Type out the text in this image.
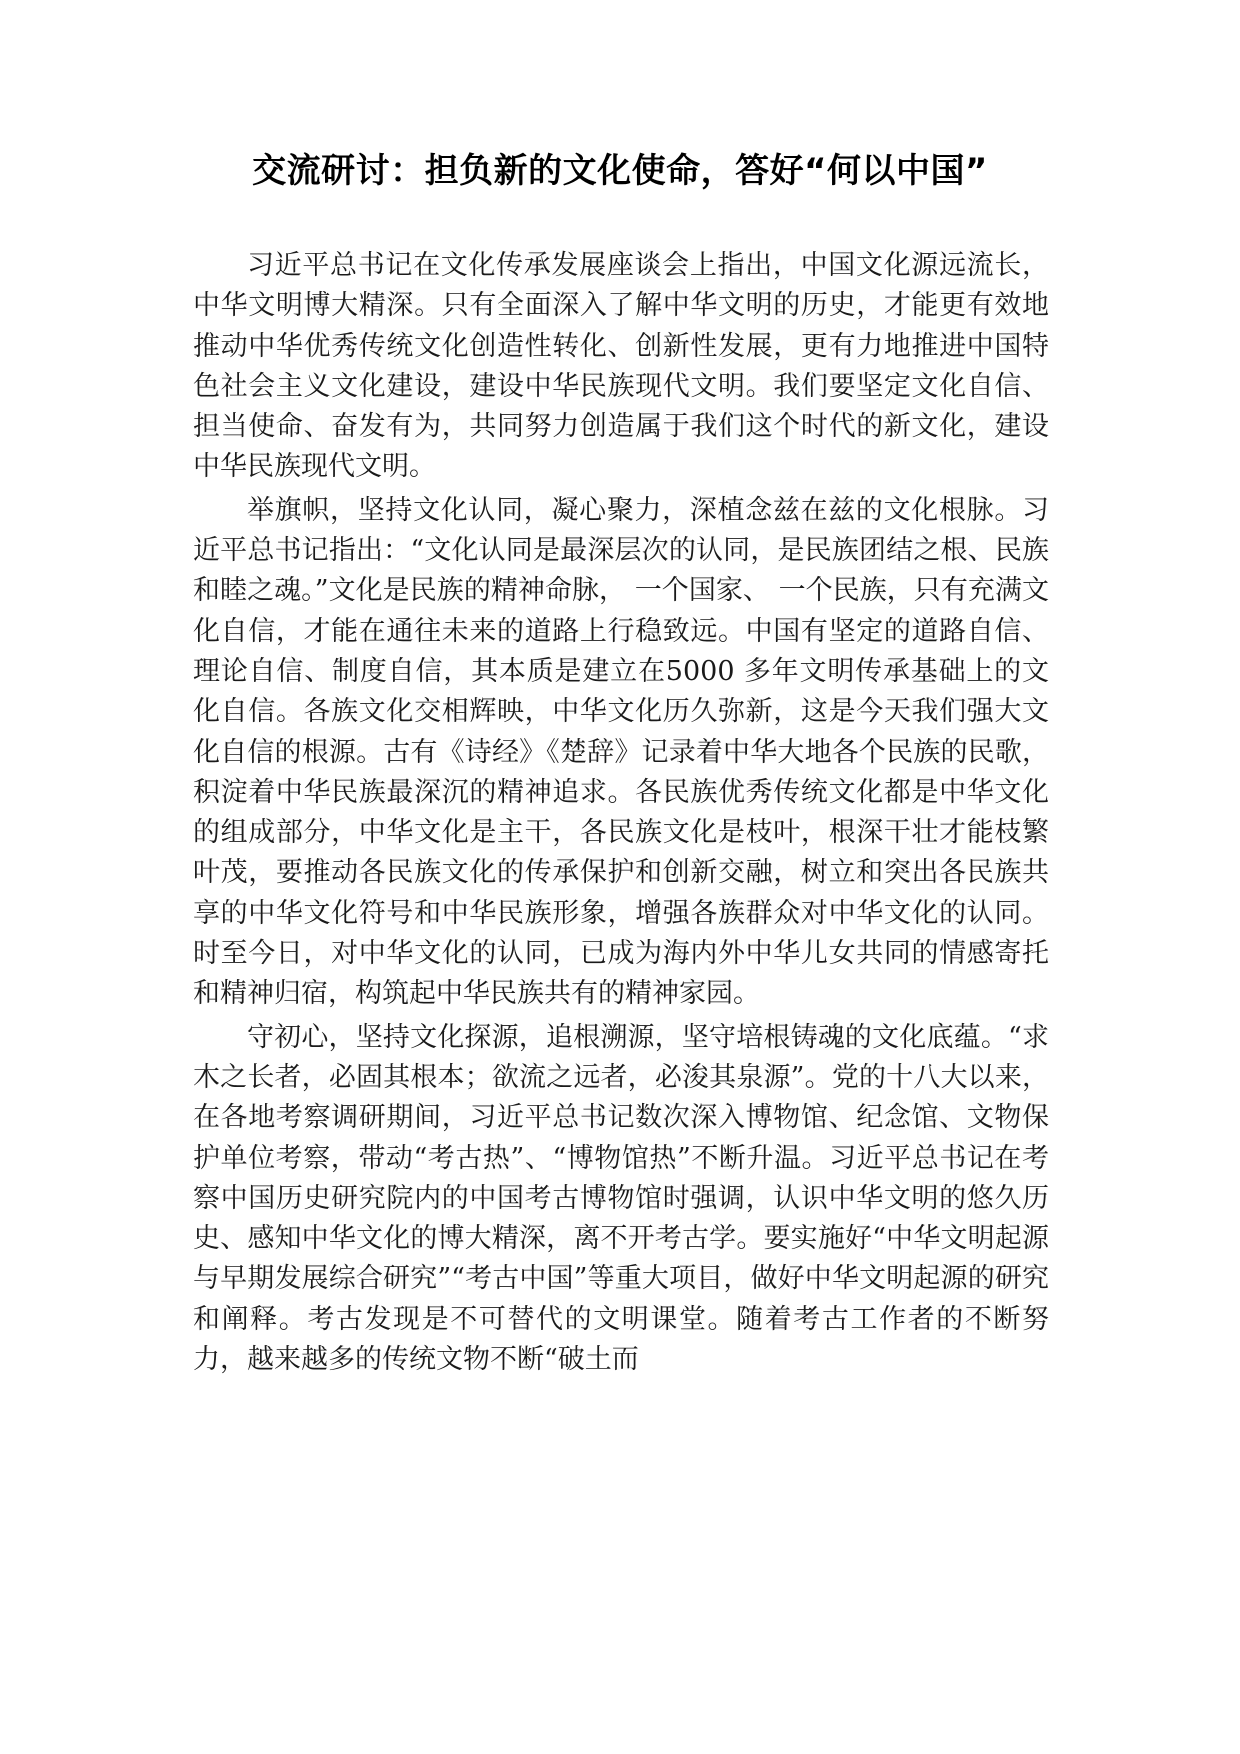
交流研讨：担负新的文化使命，答好“何以中国”

习近平总书记在文化传承发展座谈会上指出，中国文化源远流长，中华文明博大精深。只有全面深入了解中华文明的历史，才能更有效地推动中华优秀传统文化创造性转化、创新性发展，更有力地推进中国特色社会主义文化建设，建设中华民族现代文明。我们要坚定文化自信、担当使命、奋发有为，共同努力创造属于我们这个时代的新文化，建设中华民族现代文明。

举旗帜，坚持文化认同，凝心聚力，深植念兹在兹的文化根脉。习近平总书记指出：“文化认同是最深层次的认同，是民族团结之根、民族和睦之魂。”文化是民族的精神命脉， 一个国家、 一个民族，只有充满文化自信，才能在通往未来的道路上行稳致远。中国有坚定的道路自信、理论自信、制度自信，其本质是建立在5000 多年文明传承基础上的文化自信。各族文化交相辉映，中华文化历久弥新，这是今天我们强大文化自信的根源。古有《诗经》《楚辞》记录着中华大地各个民族的民歌，积淀着中华民族最深沉的精神追求。各民族优秀传统文化都是中华文化的组成部分，中华文化是主干，各民族文化是枝叶，根深干壮才能枝繁叶茂，要推动各民族文化的传承保护和创新交融，树立和突出各民族共享的中华文化符号和中华民族形象，增强各族群众对中华文化的认同。时至今日，对中华文化的认同，已成为海内外中华儿女共同的情感寄托和精神归宿，构筑起中华民族共有的精神家园。

守初心，坚持文化探源，追根溯源，坚守培根铸魂的文化底蕴。“求木之长者，必固其根本；欲流之远者，必浚其泉源”。党的十八大以来，在各地考察调研期间，习近平总书记数次深入博物馆、纪念馆、文物保护单位考察，带动“考古热”、“博物馆热”不断升温。习近平总书记在考察中国历史研究院内的中国考古博物馆时强调，认识中华文明的悠久历史、感知中华文化的博大精深，离不开考古学。要实施好“中华文明起源与早期发展综合研究”“考古中国”等重大项目，做好中华文明起源的研究和阐释。考古发现是不可替代的文明课堂。随着考古工作者的不断努力，越来越多的传统文物不断“破土而
